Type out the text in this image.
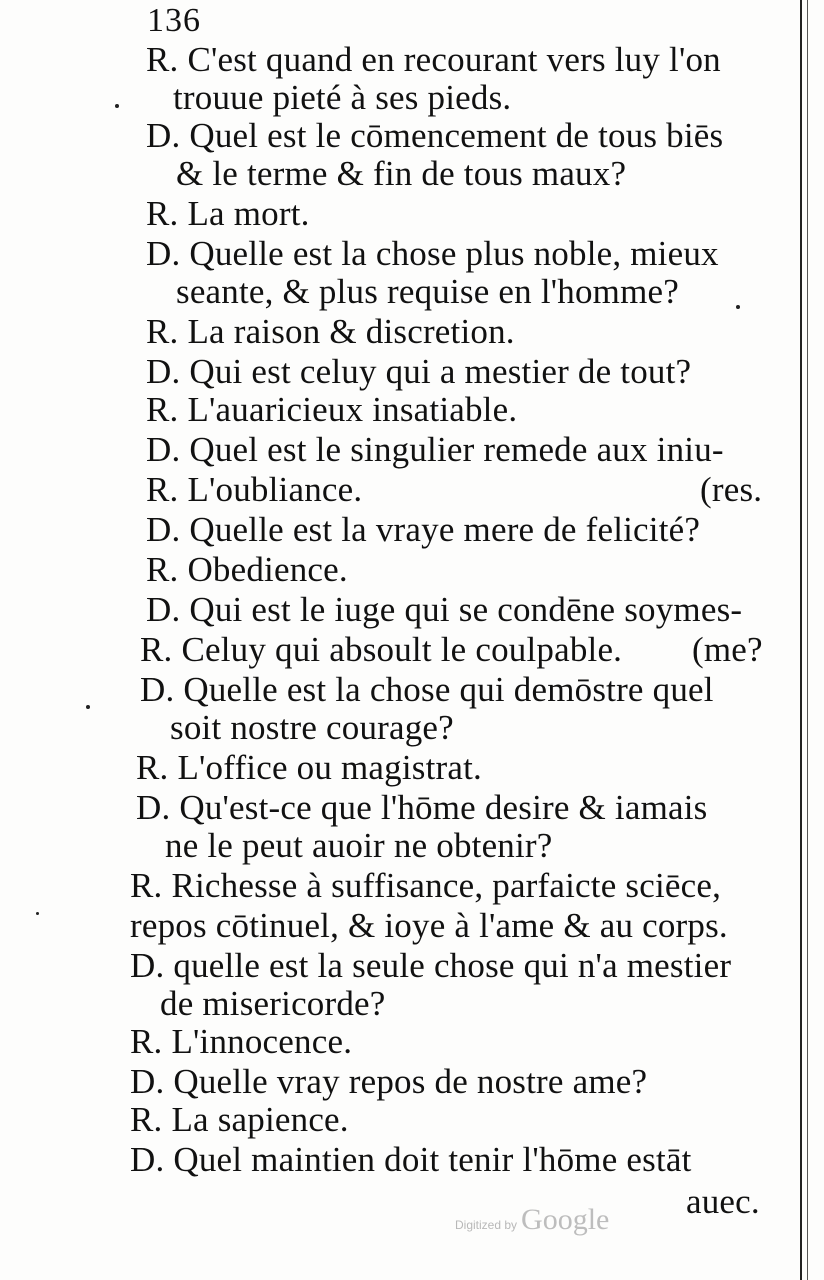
136
R. C'est quand en recourant vers luy l'on
trouue pieté à ses pieds.
D. Quel est le cōmencement de tous biēs
& le terme & fin de tous maux?
R. La mort.
D. Quelle est la chose plus noble, mieux
seante, & plus requise en l'homme?
R. La raison & discretion.
D. Qui est celuy qui a mestier de tout?
R. L'auaricieux insatiable.
D. Quel est le singulier remede aux iniu-
R. L'oubliance.	(res.
D. Quelle est la vraye mere de felicité?
R. Obedience.
D. Qui est le iuge qui se condēne soymes-
R. Celuy qui absoult le coulpable. (me?
D. Quelle est la chose qui demōstre quel
soit nostre courage?
R. L'office ou magistrat.
D. Qu'est-ce que l'hōme desire & iamais
ne le peut auoir ne obtenir?
R. Richesse à suffisance, parfaicte sciēce,
repos cōtinuel, & ioye à l'ame & au corps.
D. quelle est la seule chose qui n'a mestier
de misericorde?
R. L'innocence.
D. Quelle vray repos de nostre ame?
R. La sapience.
D. Quel maintien doit tenir l'hōme estāt
auec.
Digitized by Google
